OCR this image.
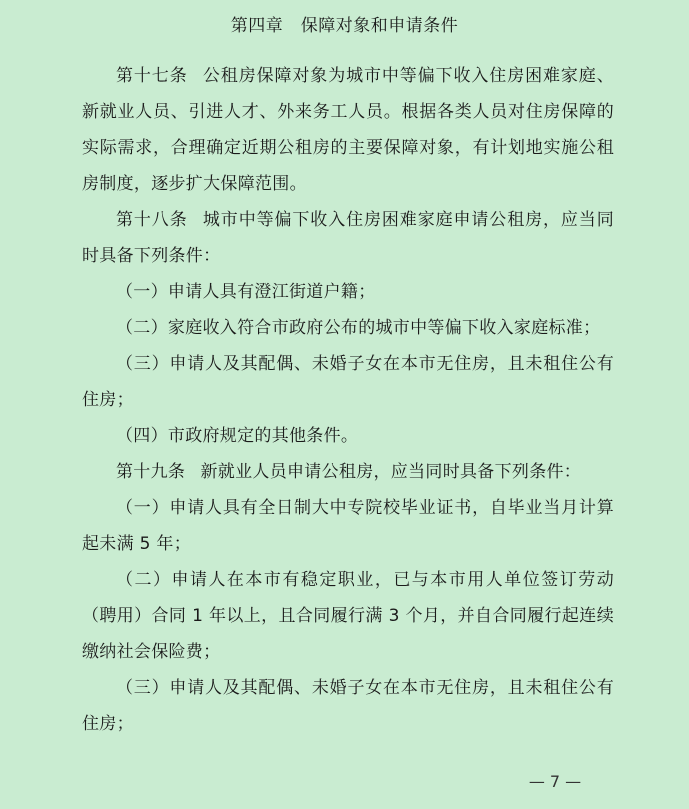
第四章　保障对象和申请条件

第十七条 公租房保障对象为城市中等偏下收入住房困难家庭、新就业人员、引进人才、外来务工人员。根据各类人员对住房保障的实际需求，合理确定近期公租房的主要保障对象，有计划地实施公租房制度，逐步扩大保障范围。

第十八条 城市中等偏下收入住房困难家庭申请公租房，应当同时具备下列条件：

（一）申请人具有澄江街道户籍；

（二）家庭收入符合市政府公布的城市中等偏下收入家庭标准；

（三）申请人及其配偶、未婚子女在本市无住房，且未租住公有住房；

（四）市政府规定的其他条件。

第十九条 新就业人员申请公租房，应当同时具备下列条件：

（一）申请人具有全日制大中专院校毕业证书，自毕业当月计算起未满 5 年；

（二）申请人在本市有稳定职业，已与本市用人单位签订劳动（聘用）合同 1 年以上，且合同履行满 3 个月，并自合同履行起连续缴纳社会保险费；

（三）申请人及其配偶、未婚子女在本市无住房，且未租住公有住房；

— 7 —
